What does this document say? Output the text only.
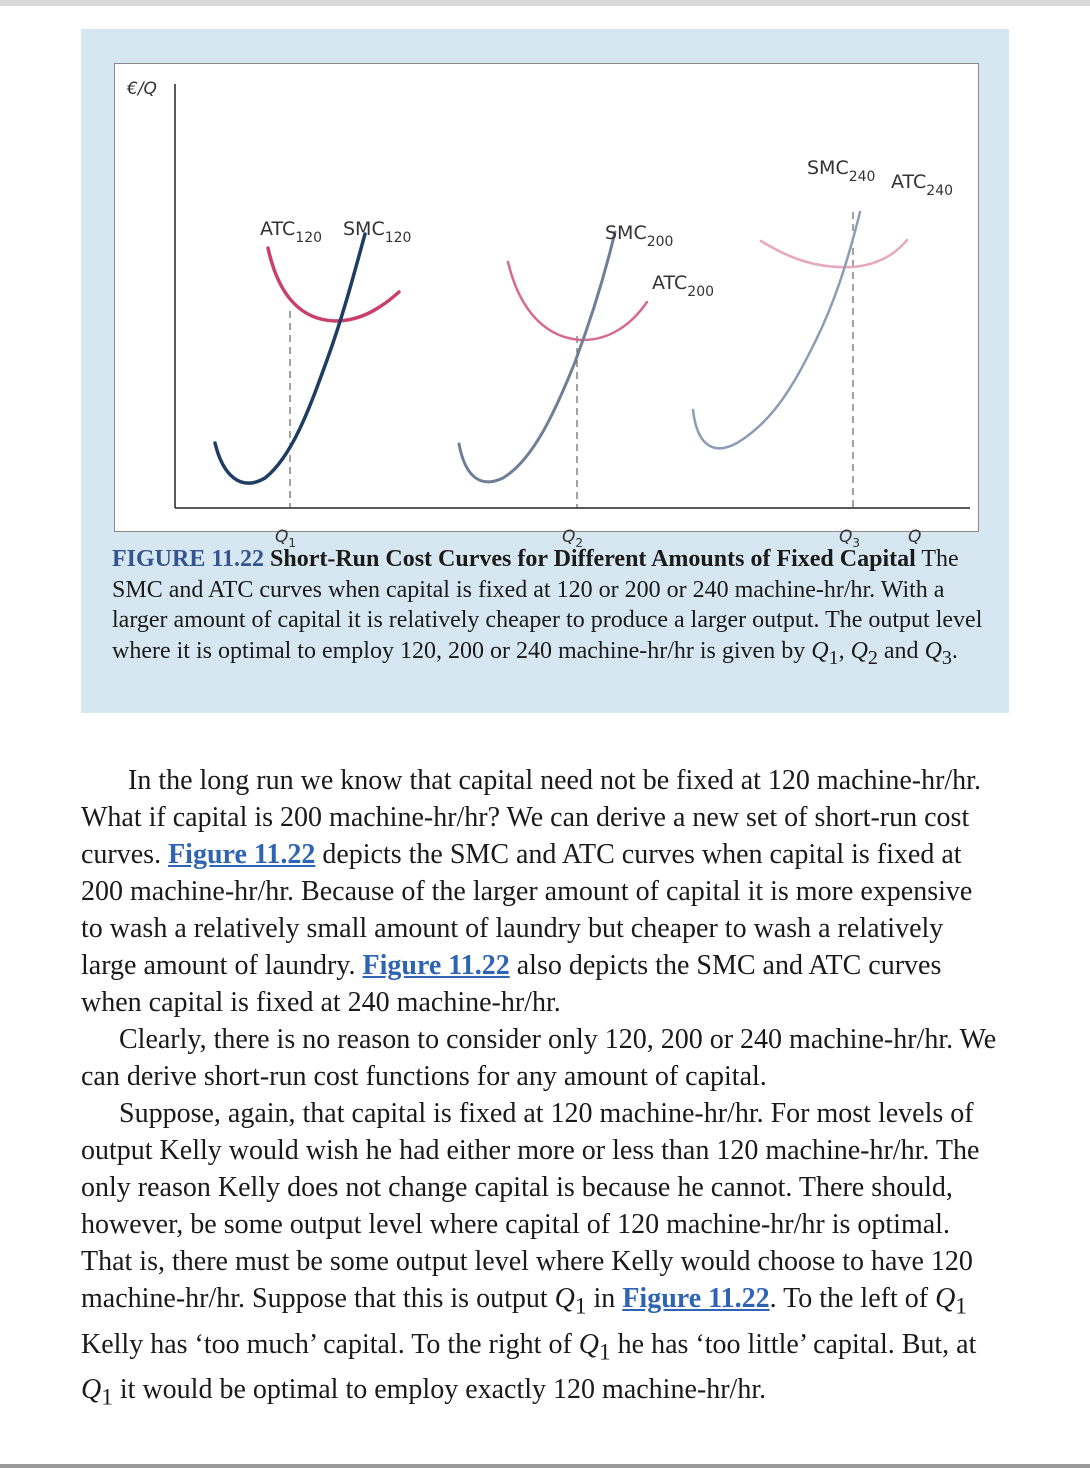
€/Q
Q
$ATC_{120}$ $SMC_{120}$	$SMC_{200}$
$ATC_{200}$
$SMC_{240}$ $ATC_{240}$
$Q_1$	$Q_2$	$Q_3$
FIGURE 11.22 Short-Run Cost Curves for Different Amounts of Fixed Capital The SMC and ATC curves when capital is fixed at 120 or 200 or 240 machine-hr/hr. With a larger amount of capital it is relatively cheaper to produce a larger output. The output level where it is optimal to employ 120, 200 or 240 machine-hr/hr is given by $Q_1$, $Q_2$ and $Q_3$.

In the long run we know that capital need not be fixed at 120 machine-hr/hr. What if capital is 200 machine-hr/hr? We can derive a new set of short-run cost curves. Figure 11.22 depicts the SMC and ATC curves when capital is fixed at 200 machine-hr/hr. Because of the larger amount of capital it is more expensive to wash a relatively small amount of laundry but cheaper to wash a relatively large amount of laundry. Figure 11.22 also depicts the SMC and ATC curves when capital is fixed at 240 machine-hr/hr.

Clearly, there is no reason to consider only 120, 200 or 240 machine-hr/hr. We can derive short-run cost functions for any amount of capital.

Suppose, again, that capital is fixed at 120 machine-hr/hr. For most levels of output Kelly would wish he had either more or less than 120 machine-hr/hr. The only reason Kelly does not change capital is because he cannot. There should, however, be some output level where capital of 120 machine-hr/hr is optimal. That is, there must be some output level where Kelly would choose to have 120 machine-hr/hr. Suppose that this is output $Q_1$ in Figure 11.22. To the left of $Q_1$ Kelly has ‘too much’ capital. To the right of $Q_1$ he has ‘too little’ capital. But, at $Q_1$ it would be optimal to employ exactly 120 machine-hr/hr.
